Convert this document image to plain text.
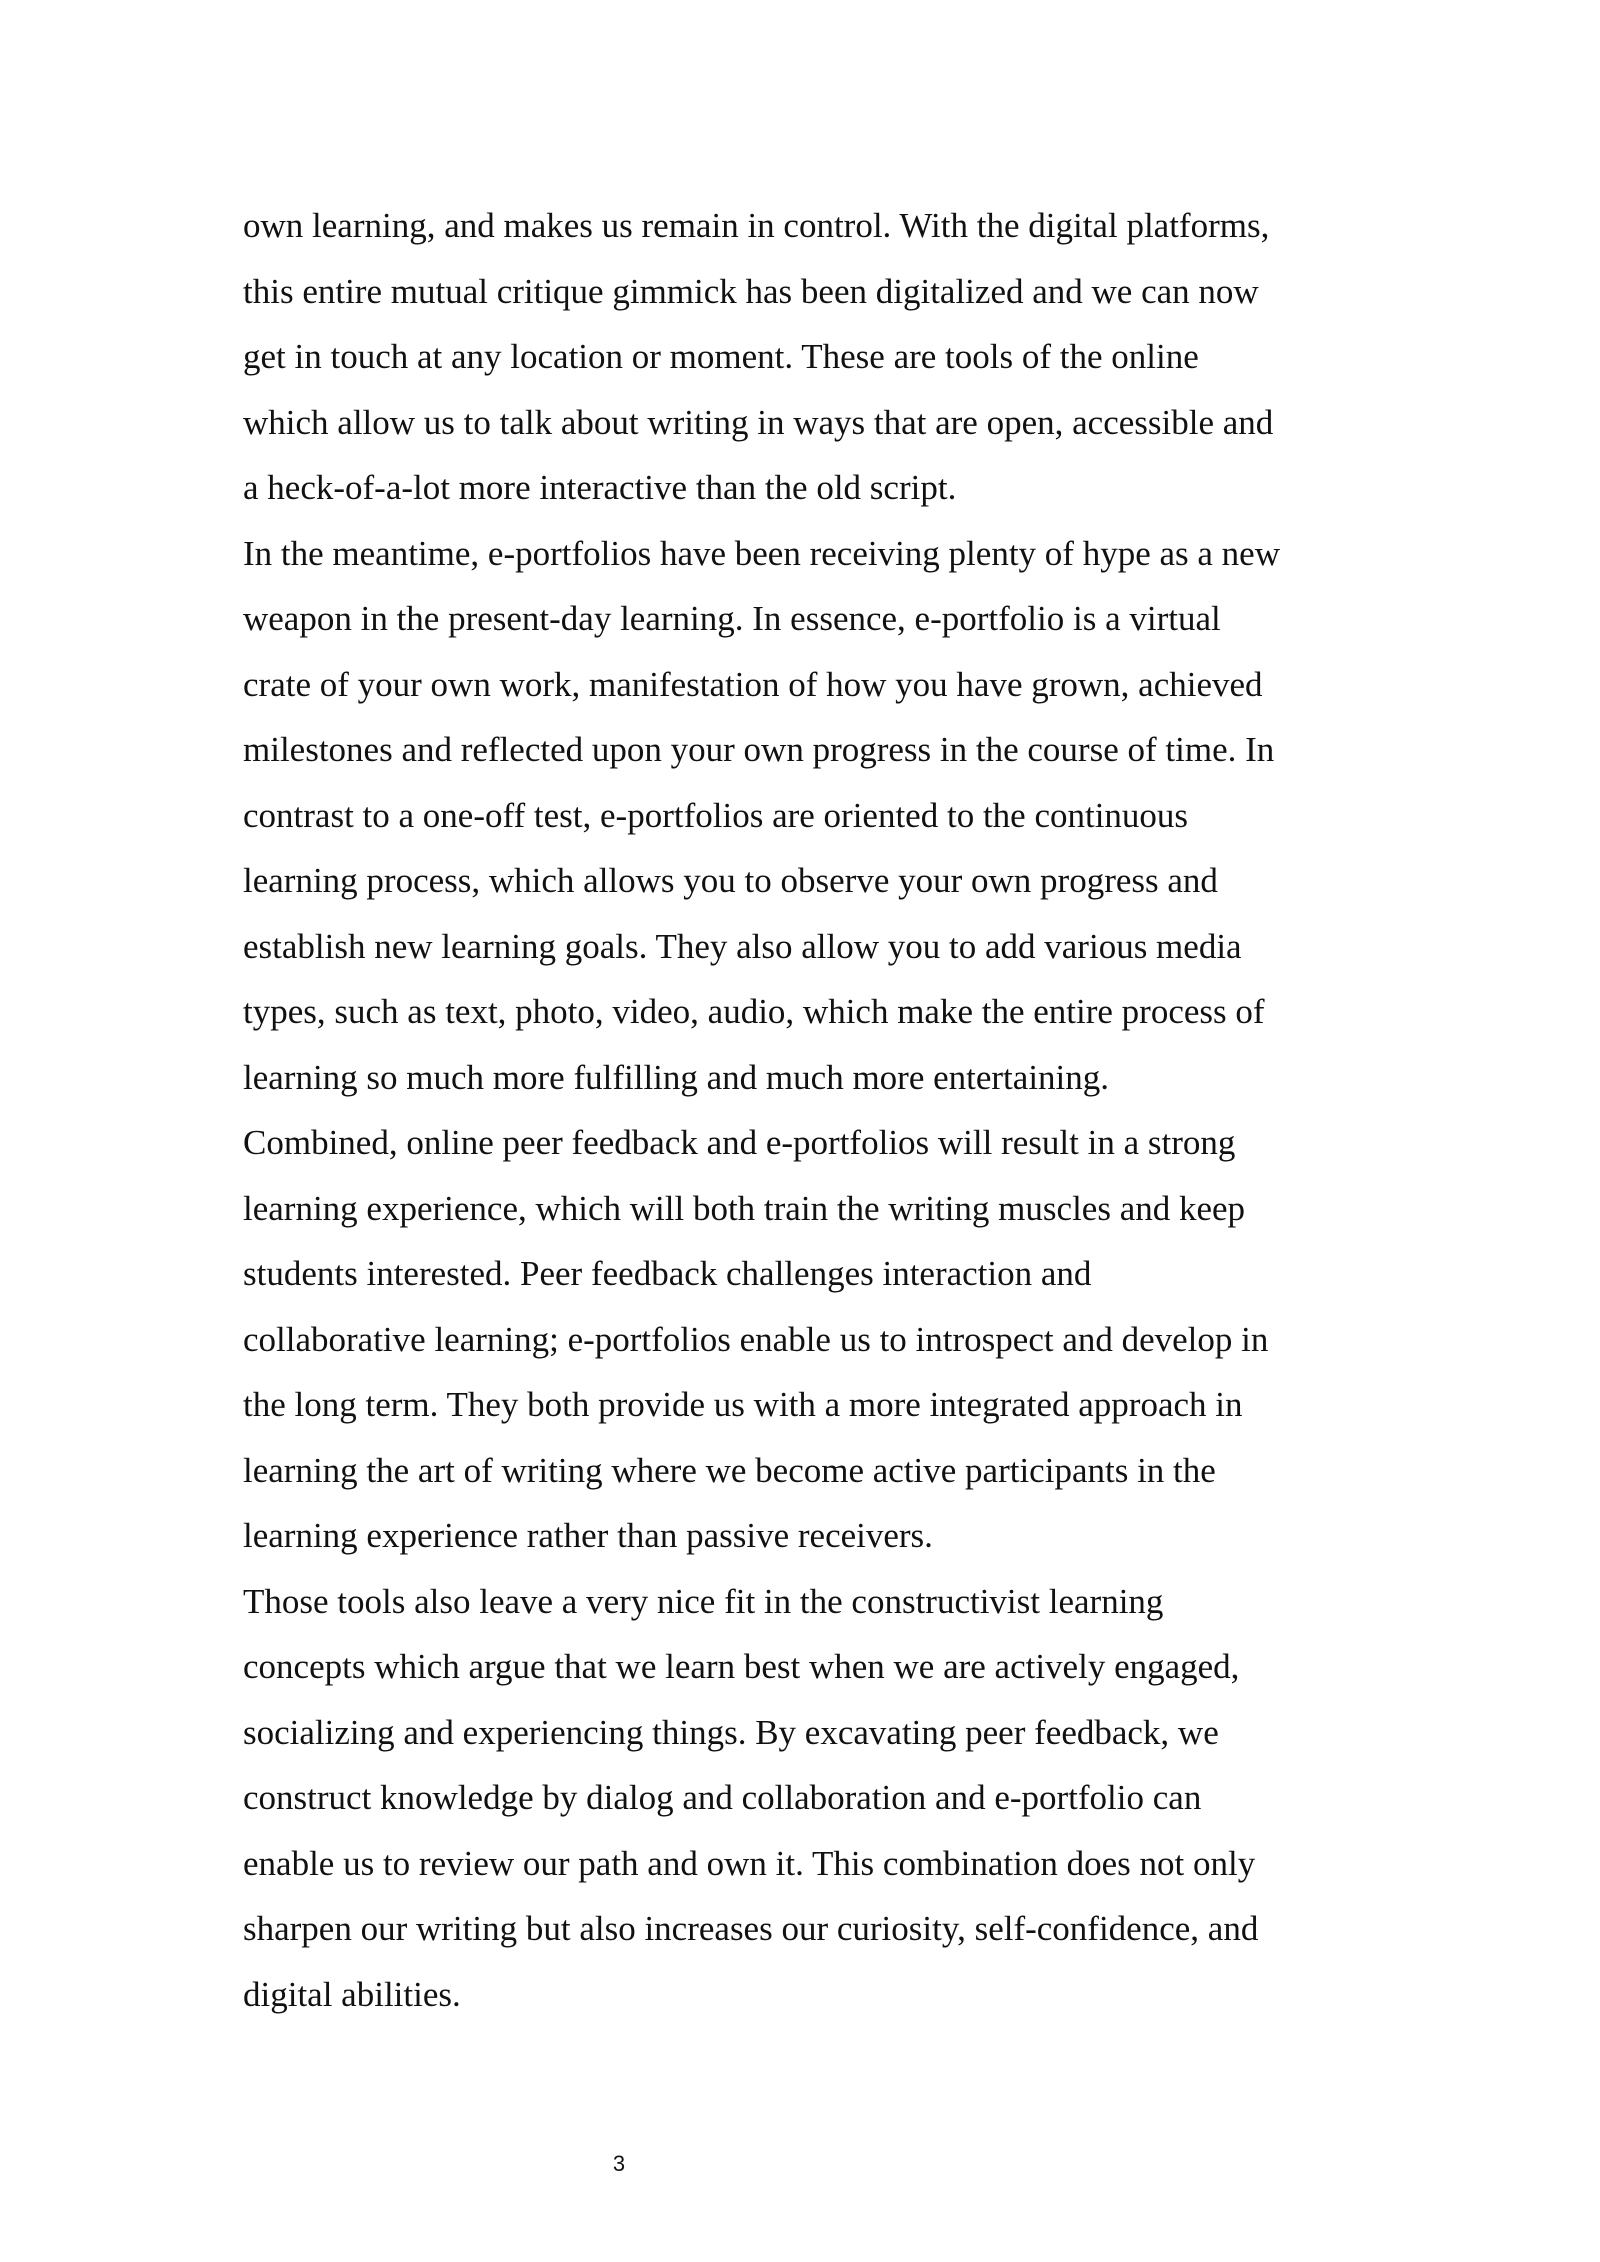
own learning, and makes us remain in control. With the digital platforms,
this entire mutual critique gimmick has been digitalized and we can now
get in touch at any location or moment. These are tools of the online
which allow us to talk about writing in ways that are open, accessible and
a heck-of-a-lot more interactive than the old script.
In the meantime, e-portfolios have been receiving plenty of hype as a new
weapon in the present-day learning. In essence, e-portfolio is a virtual
crate of your own work, manifestation of how you have grown, achieved
milestones and reflected upon your own progress in the course of time. In
contrast to a one-off test, e-portfolios are oriented to the continuous
learning process, which allows you to observe your own progress and
establish new learning goals. They also allow you to add various media
types, such as text, photo, video, audio, which make the entire process of
learning so much more fulfilling and much more entertaining.
Combined, online peer feedback and e-portfolios will result in a strong
learning experience, which will both train the writing muscles and keep
students interested. Peer feedback challenges interaction and
collaborative learning; e-portfolios enable us to introspect and develop in
the long term. They both provide us with a more integrated approach in
learning the art of writing where we become active participants in the
learning experience rather than passive receivers.
Those tools also leave a very nice fit in the constructivist learning
concepts which argue that we learn best when we are actively engaged,
socializing and experiencing things. By excavating peer feedback, we
construct knowledge by dialog and collaboration and e-portfolio can
enable us to review our path and own it. This combination does not only
sharpen our writing but also increases our curiosity, self-confidence, and
digital abilities.
3
